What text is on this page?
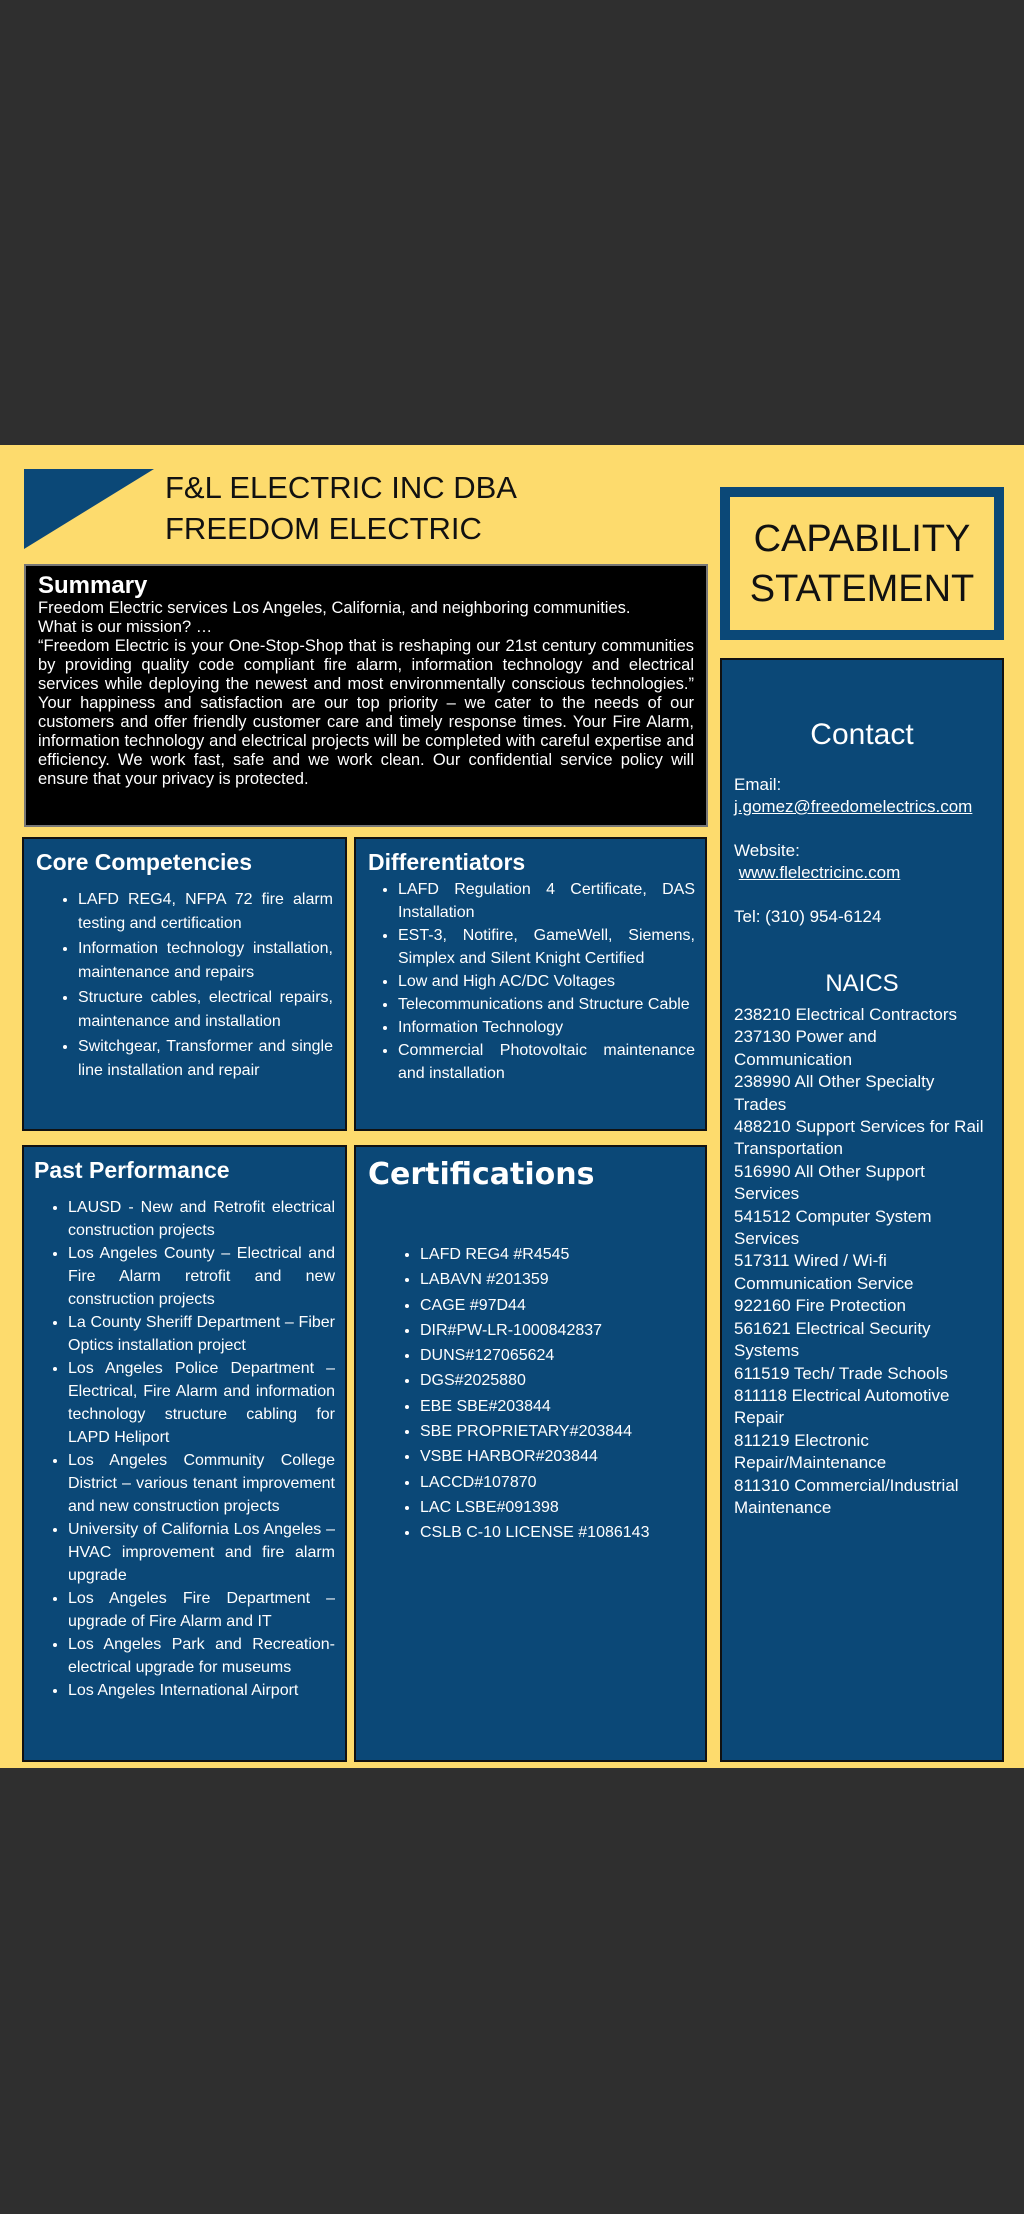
F&L ELECTRIC INC DBA
FREEDOM ELECTRIC
Summary

Freedom Electric services Los Angeles, California, and neighboring communities.

What is our mission? …

“Freedom Electric is your One-Stop-Shop that is reshaping our 21st century communities by providing quality code compliant fire alarm, information technology and electrical services while deploying the newest and most environmentally conscious technologies.” Your happiness and satisfaction are our top priority – we cater to the needs of our customers and offer friendly customer care and timely response times. Your Fire Alarm, information technology and electrical projects will be completed with careful expertise and efficiency. We work fast, safe and we work clean. Our confidential service policy will ensure that your privacy is protected.

Core Competencies
• LAFD REG4, NFPA 72 fire alarm testing and certification
• Information technology installation, maintenance and repairs
• Structure cables, electrical repairs, maintenance and installation
• Switchgear, Transformer and single line installation and repair
Differentiators
• LAFD Regulation 4 Certificate, DAS Installation
• EST-3, Notifire, GameWell, Siemens, Simplex and Silent Knight Certified
• Low and High AC/DC Voltages
• Telecommunications and Structure Cable
• Information Technology
• Commercial Photovoltaic maintenance and installation
Past Performance
• LAUSD - New and Retrofit electrical construction projects
• Los Angeles County – Electrical and Fire Alarm retrofit and new construction projects
• La County Sheriff Department – Fiber Optics installation project
• Los Angeles Police Department – Electrical, Fire Alarm and information technology structure cabling for LAPD Heliport
• Los Angeles Community College District – various tenant improvement and new construction projects
• University of California Los Angeles – HVAC improvement and fire alarm upgrade
• Los Angeles Fire Department – upgrade of Fire Alarm and IT
• Los Angeles Park and Recreation-electrical upgrade for museums
• Los Angeles International Airport
Certifications
• LAFD REG4 #R4545
• LABAVN #201359
• CAGE #97D44
• DIR#PW-LR-1000842837
• DUNS#127065624
• DGS#2025880
• EBE SBE#203844
• SBE PROPRIETARY#203844
• VSBE HARBOR#203844
• LACCD#107870
• LAC LSBE#091398
• CSLB C-10 LICENSE #1086143
CAPABILITY
STATEMENT
Contact
Email:
j.gomez@freedomelectrics.com
Website:
www.flelectricinc.com
Tel: (310) 954-6124
NAICS
238210 Electrical Contractors
237130 Power and Communication
238990 All Other Specialty Trades
488210 Support Services for Rail Transportation
516990 All Other Support Services
541512 Computer System Services
517311 Wired / Wi-fi Communication Service
922160 Fire Protection
561621 Electrical Security Systems
611519 Tech/ Trade Schools
811118 Electrical Automotive Repair
811219 Electronic Repair/Maintenance
811310 Commercial/Industrial Maintenance
